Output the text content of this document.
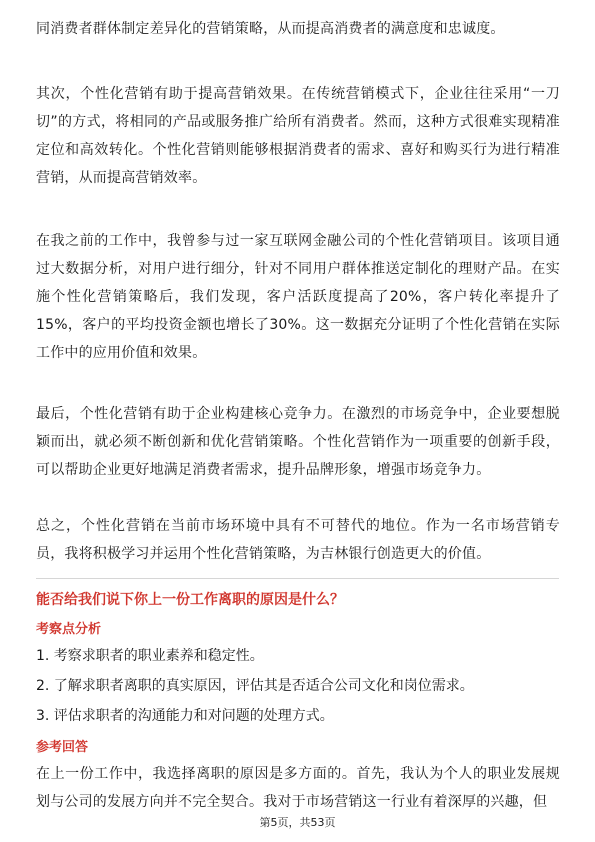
同消费者群体制定差异化的营销策略，从而提高消费者的满意度和忠诚度。

其次，个性化营销有助于提高营销效果。在传统营销模式下，企业往往采用“一刀切”的方式，将相同的产品或服务推广给所有消费者。然而，这种方式很难实现精准定位和高效转化。个性化营销则能够根据消费者的需求、喜好和购买行为进行精准营销，从而提高营销效率。

在我之前的工作中，我曾参与过一家互联网金融公司的个性化营销项目。该项目通过大数据分析，对用户进行细分，针对不同用户群体推送定制化的理财产品。在实施个性化营销策略后，我们发现，客户活跃度提高了20%，客户转化率提升了15%，客户的平均投资金额也增长了30%。这一数据充分证明了个性化营销在实际工作中的应用价值和效果。

最后，个性化营销有助于企业构建核心竞争力。在激烈的市场竞争中，企业要想脱颖而出，就必须不断创新和优化营销策略。个性化营销作为一项重要的创新手段，可以帮助企业更好地满足消费者需求，提升品牌形象，增强市场竞争力。

总之，个性化营销在当前市场环境中具有不可替代的地位。作为一名市场营销专员，我将积极学习并运用个性化营销策略，为吉林银行创造更大的价值。

能否给我们说下你上一份工作离职的原因是什么？

考察点分析

1. 考察求职者的职业素养和稳定性。

2. 了解求职者离职的真实原因，评估其是否适合公司文化和岗位需求。

3. 评估求职者的沟通能力和对问题的处理方式。

参考回答

在上一份工作中，我选择离职的原因是多方面的。首先，我认为个人的职业发展规划与公司的发展方向并不完全契合。我对于市场营销这一行业有着深厚的兴趣，但

第5页，共53页
